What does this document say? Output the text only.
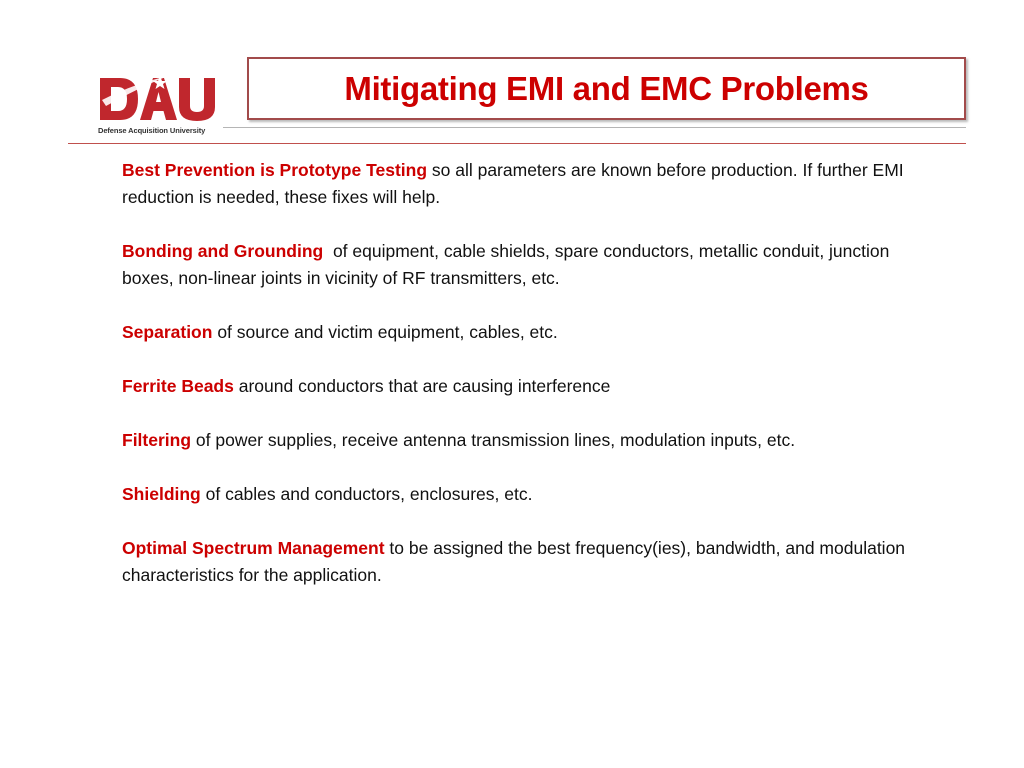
Defense Acquisition University
Mitigating EMI and EMC Problems

Best Prevention is Prototype Testing so all parameters are known before production. If further EMI reduction is needed, these fixes will help.

Bonding and Grounding  of equipment, cable shields, spare conductors, metallic conduit, junction boxes, non-linear joints in vicinity of RF transmitters, etc.

Separation of source and victim equipment, cables, etc.

Ferrite Beads around conductors that are causing interference

Filtering of power supplies, receive antenna transmission lines, modulation inputs, etc.

Shielding of cables and conductors, enclosures, etc.

Optimal Spectrum Management to be assigned the best frequency(ies), bandwidth, and modulation characteristics for the application.
